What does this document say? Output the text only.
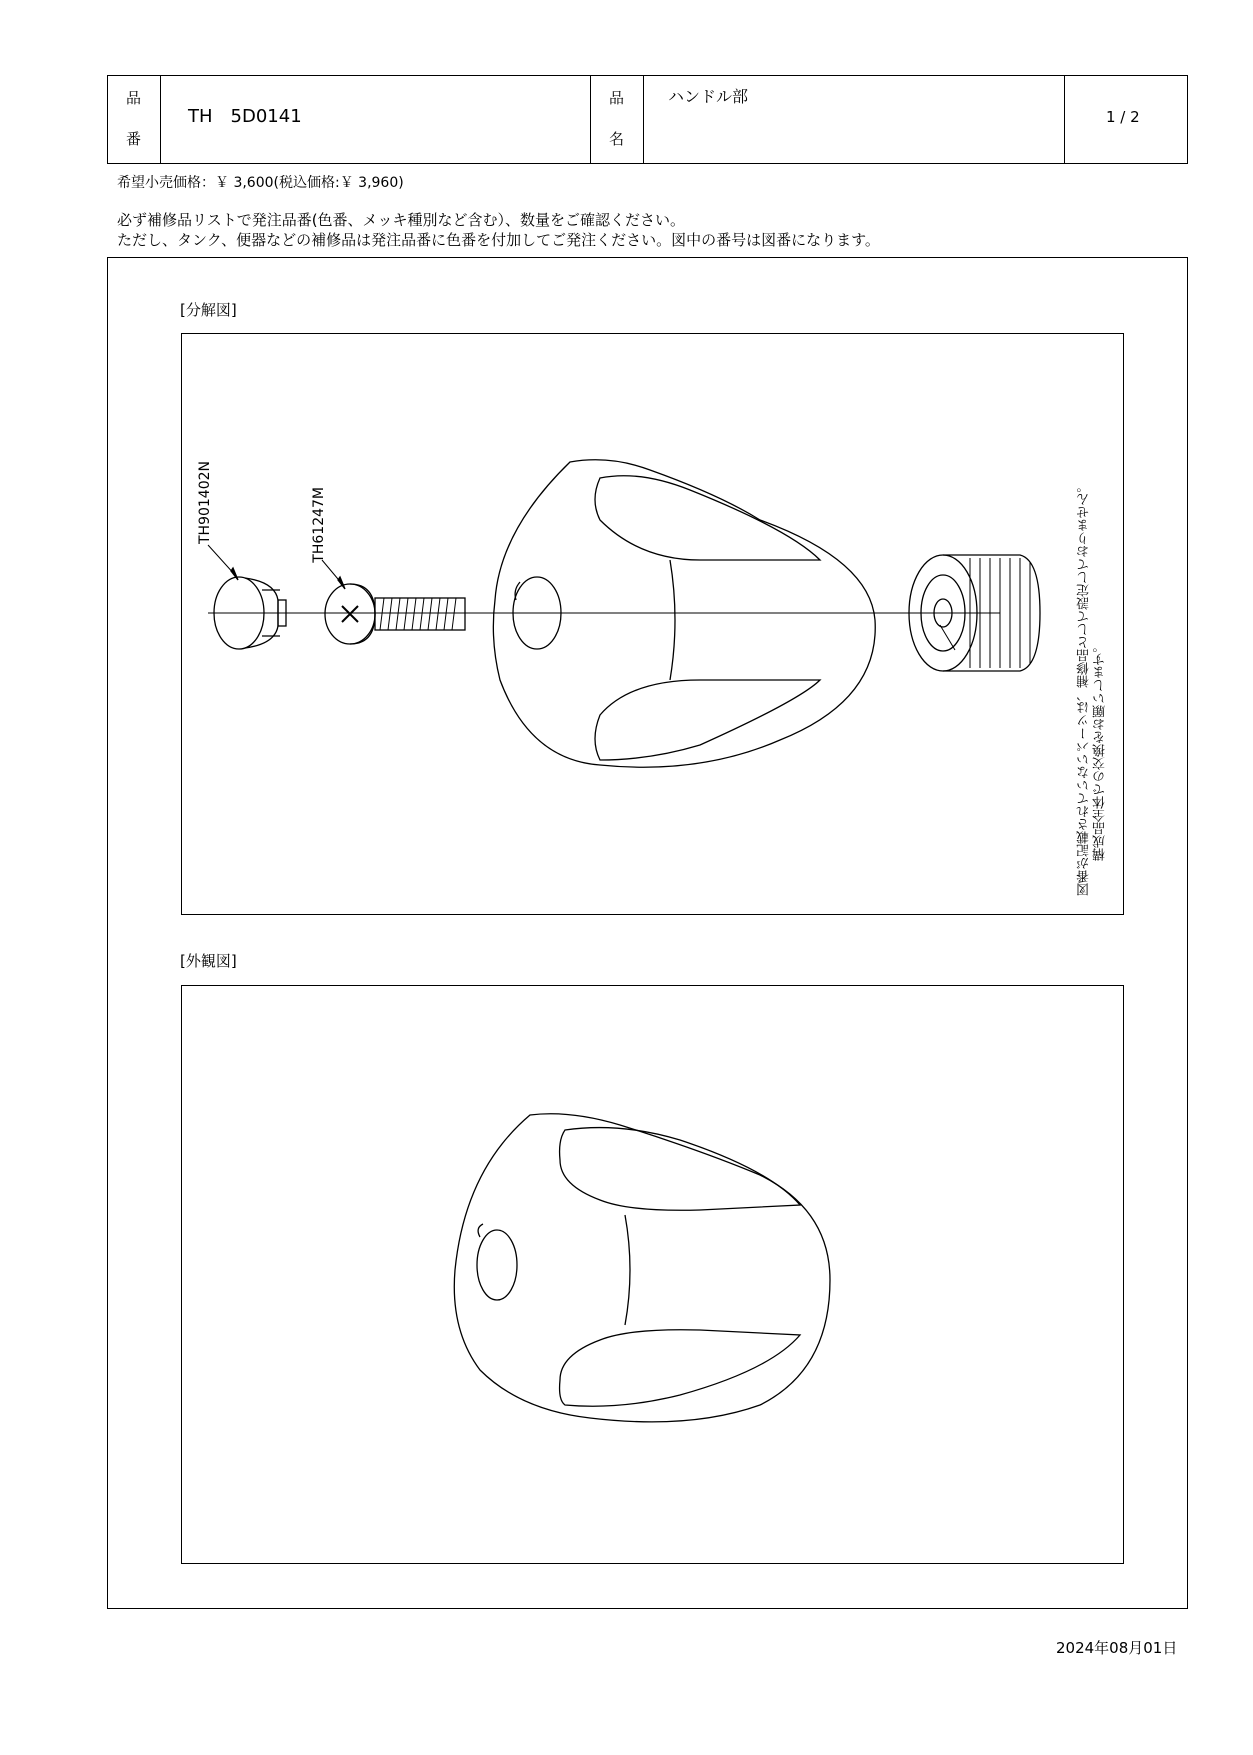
品
番
TH　5D0141
品
名
ハンドル部
1 / 2
希望小売価格：￥ 3,600(税込価格:￥ 3,960)
必ず補修品リストで発注品番(色番、メッキ種別など含む）、数量をご確認ください。
ただし、タンク、便器などの補修品は発注品番に色番を付加してご発注ください。図中の番号は図番になります。
[分解図]
TH901402N	TH61247M	図番が記載されていないパーツは、補修品として設定しておりません。 構成品全体での交換をお願いします。
[外観図]
2024年08月01日
